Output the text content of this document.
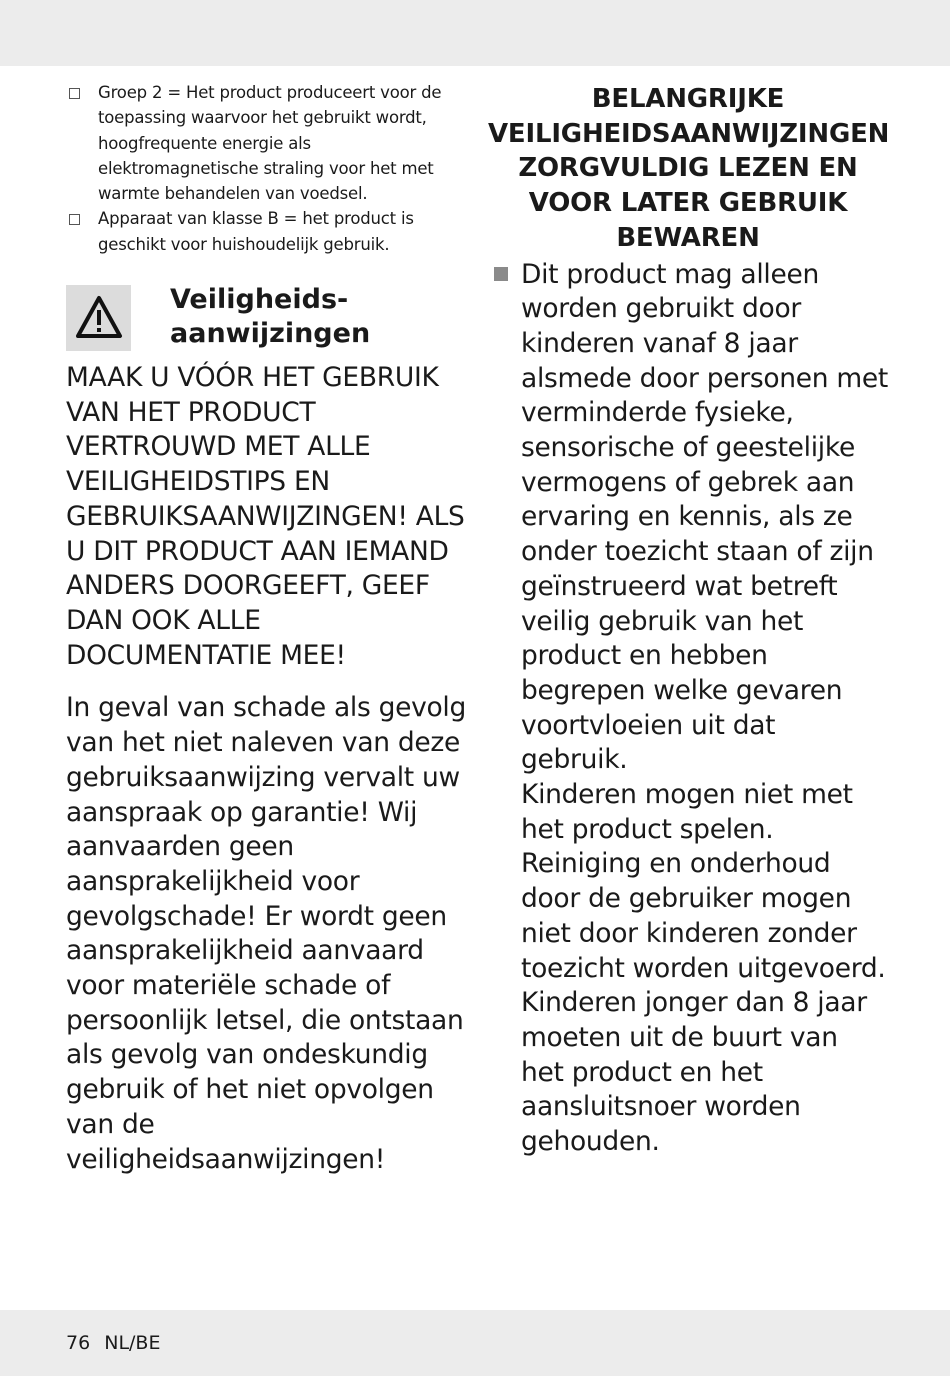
Groep 2 = Het product produceert voor de toepassing waarvoor het gebruikt wordt, hoogfrequente energie als elektromagnetische straling voor het met warmte behandelen van voedsel.
Apparaat van klasse B = het product is geschikt voor huishoudelijk gebruik.
Veiligheids-
aanwijzingen

MAAK U VÓÓR HET GEBRUIK VAN HET PRODUCT VERTROUWD MET ALLE VEILIGHEIDSTIPS EN GEBRUIKSAANWIJZINGEN! ALS U DIT PRODUCT AAN IEMAND ANDERS DOORGEEFT, GEEF DAN OOK ALLE DOCUMENTATIE MEE!

In geval van schade als gevolg van het niet naleven van deze gebruiksaanwijzing vervalt uw aanspraak op garantie! Wij aanvaarden geen aansprakelijkheid voor gevolgschade! Er wordt geen aansprakelijkheid aanvaard voor materiële schade of persoonlijk letsel, die ontstaan als gevolg van ondeskundig gebruik of het niet opvolgen van de veiligheidsaanwijzingen!

BELANGRIJKE VEILIGHEIDSAANWIJZINGEN ZORGVULDIG LEZEN EN VOOR LATER GEBRUIK BEWAREN

Dit product mag alleen worden gebruikt door kinderen vanaf 8 jaar alsmede door personen met verminderde fysieke, sensorische of geestelijke vermogens of gebrek aan ervaring en kennis, als ze onder toezicht staan of zijn geïnstrueerd wat betreft veilig gebruik van het product en hebben begrepen welke gevaren voortvloeien uit dat gebruik.

Kinderen mogen niet met het product spelen.

Reiniging en onderhoud door de gebruiker mogen niet door kinderen zonder toezicht worden uitgevoerd.

Kinderen jonger dan 8 jaar moeten uit de buurt van het product en het aansluitsnoer worden gehouden.

76 NL/BE
